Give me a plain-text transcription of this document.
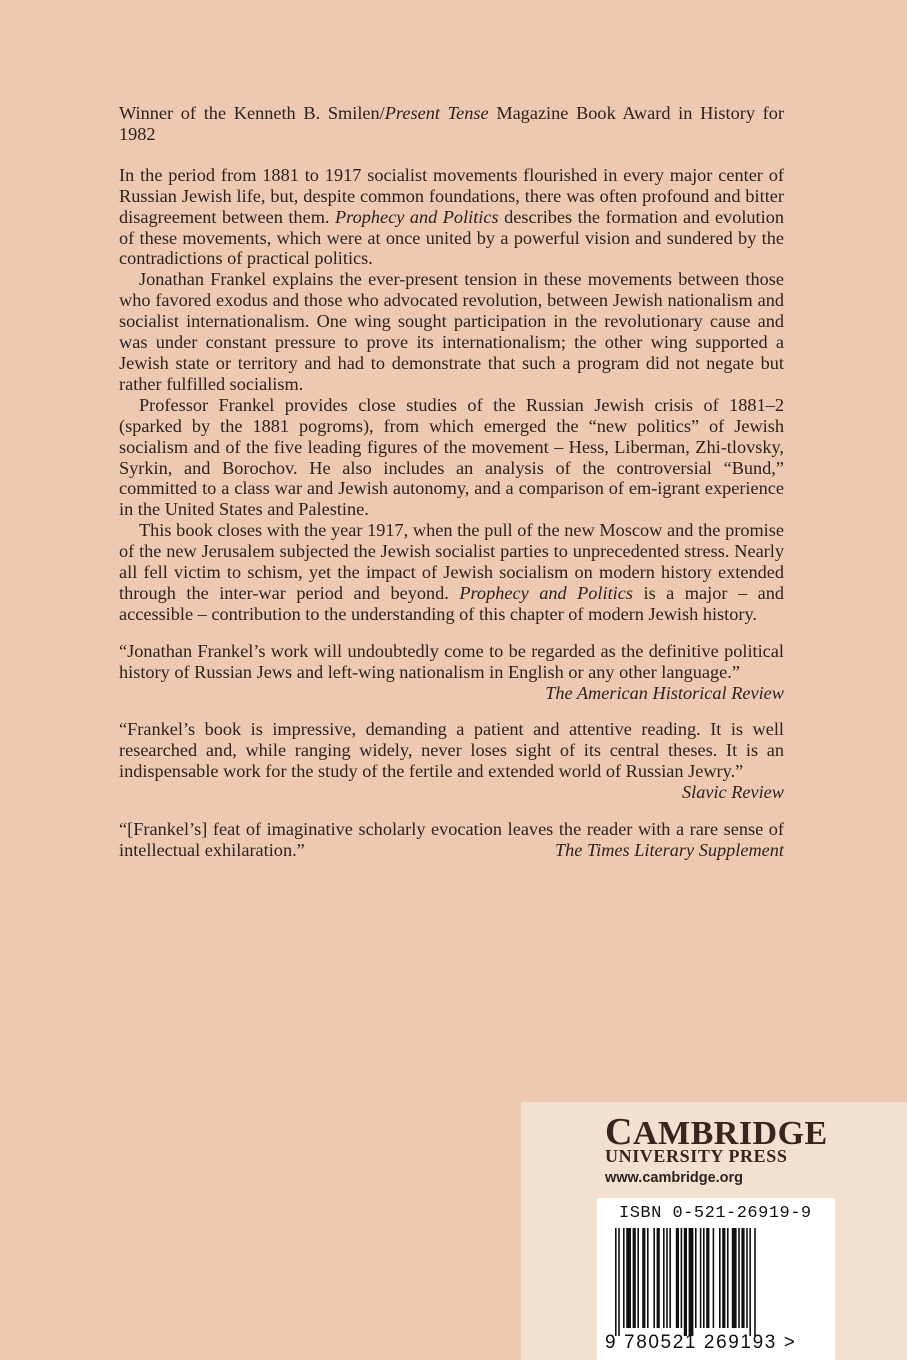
Winner of the Kenneth B. Smilen/Present Tense Magazine Book Award in History for 1982

In the period from 1881 to 1917 socialist movements flourished in every major center of Russian Jewish life, but, despite common foundations, there was often profound and bitter disagreement between them. Prophecy and Politics describes the formation and evolution of these movements, which were at once united by a powerful vision and sundered by the contradictions of practical politics.

Jonathan Frankel explains the ever-present tension in these movements between those who favored exodus and those who advocated revolution, between Jewish nationalism and socialist internationalism. One wing sought participation in the revolutionary cause and was under constant pressure to prove its internationalism; the other wing supported a Jewish state or territory and had to demonstrate that such a program did not negate but rather fulfilled socialism.

Professor Frankel provides close studies of the Russian Jewish crisis of 1881–2 (sparked by the 1881 pogroms), from which emerged the “new politics” of Jewish socialism and of the five leading figures of the movement – Hess, Liberman, Zhi-tlovsky, Syrkin, and Borochov. He also includes an analysis of the controversial “Bund,” committed to a class war and Jewish autonomy, and a comparison of em-igrant experience in the United States and Palestine.

This book closes with the year 1917, when the pull of the new Moscow and the promise of the new Jerusalem subjected the Jewish socialist parties to unprecedented stress. Nearly all fell victim to schism, yet the impact of Jewish socialism on modern history extended through the inter-war period and beyond. Prophecy and Politics is a major – and accessible – contribution to the understanding of this chapter of modern Jewish history.

“Jonathan Frankel’s work will undoubtedly come to be regarded as the definitive political history of Russian Jews and left-wing nationalism in English or any other language.”
The American Historical Review

“Frankel’s book is impressive, demanding a patient and attentive reading. It is well researched and, while ranging widely, never loses sight of its central theses. It is an indispensable work for the study of the fertile and extended world of Russian Jewry.”

Slavic Review

“[Frankel’s] feat of imaginative scholarly evocation leaves the reader with a rare sense of intellectual exhilaration.”	The Times Literary Supplement
CAMBRIDGE
UNIVERSITY PRESS
www.cambridge.org
ISBN 0-521-26919-9
9 780521 269193 >
